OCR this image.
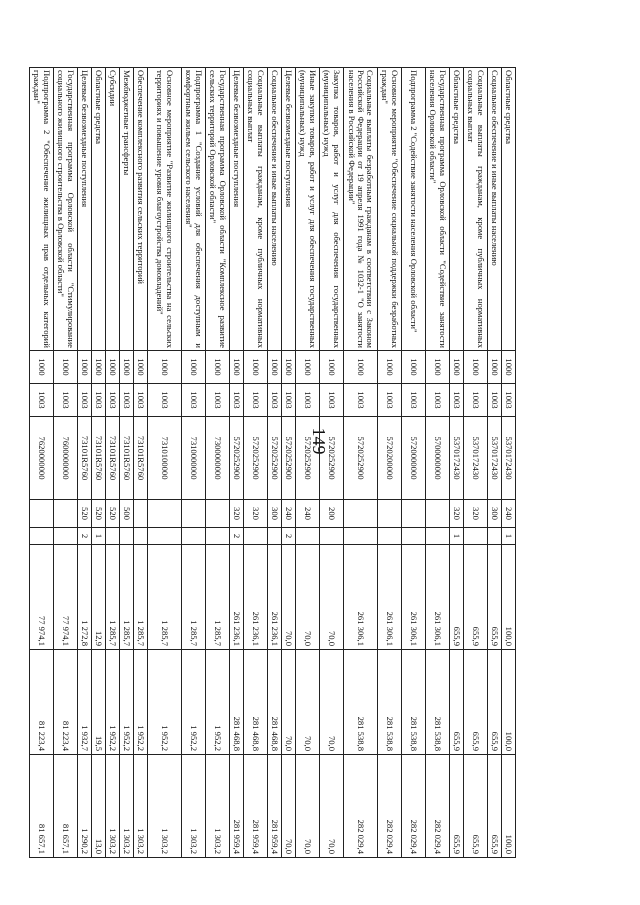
149
Областные средства	1000	1003	5370172430	240	1	100,0	100,0	100,0
Социальное обеспечение и иные выплаты населению	1000	1003	5370172430	300		655,9	655,9	655,9
Социальные выплаты гражданам, кроме публичных нормативных социальных выплат	1000	1003	5370172430	320		655,9	655,9	655,9
Областные средства	1000	1003	5370172430	320	1	655,9	655,9	655,9
Государственная программа Орловской области "Содействие занятости населения Орловской области"	1000	1003	5700000000			261 306,1	281 538,8	282 029,4
Подпрограмма 2 "Содействие занятости населения Орловской области"	1000	1003	5720000000			261 306,1	281 538,8	282 029,4
Основное мероприятие "Обеспечение социальной поддержки безработных граждан"	1000	1003	5720200000			261 306,1	281 538,8	282 029,4
Социальные выплаты безработным гражданам в соответствии с Законом Российской Федерации от 19 апреля 1991 года № 1032-1 "О занятости населения в Российской Федерации"	1000	1003	5720252900			261 306,1	281 538,8	282 029,4
Закупка товаров, работ и услуг для обеспечения государственных (муниципальных) нужд	1000	1003	5720252900	200		70,0	70,0	70,0
Иные закупки товаров, работ и услуг для обеспечения государственных (муниципальных) нужд	1000	1003	5720252900	240		70,0	70,0	70,0
Целевые безвозмездные поступления	1000	1003	5720252900	240	2	70,0	70,0	70,0
Социальное обеспечение и иные выплаты населению	1000	1003	5720252900	300		261 236,1	281 468,8	281 959,4
Социальные выплаты гражданам, кроме публичных нормативных социальных выплат	1000	1003	5720252900	320		261 236,1	281 468,8	281 959,4
Целевые безвозмездные поступления	1000	1003	5720252900	320	2	261 236,1	281 468,8	281 959,4
Государственная программа Орловской области "Комплексное развитие сельских территорий Орловской области"	1000	1003	7300000000			1 285,7	1 952,2	1 303,2
Подпрограмма 1 "Создание условий для обеспечения доступным и комфортным жильем сельского населения"	1000	1003	7310000000			1 285,7	1 952,2	1 303,2
Основное мероприятие "Развитие жилищного строительства на сельских территориях и повышение уровня благоустройства домовладений"	1000	1003	7310100000			1 285,7	1 952,2	1 303,2
Обеспечение комплексного развития сельских территорий	1000	1003	73101R5760			1 285,7	1 952,2	1 303,2
Межбюджетные трансферты	1000	1003	73101R5760	500		1 285,7	1 952,2	1 303,2
Субсидии	1000	1003	73101R5760	520		1 285,7	1 952,2	1 303,2
Областные средства	1000	1003	73101R5760	520	1	12,9	19,5	13,0
Целевые безвозмездные поступления	1000	1003	73101R5760	520	2	1 272,8	1 932,7	1 290,2
Государственная программа Орловской области "Стимулирование социального жилищного строительства в Орловской области"	1000	1003	7600000000			77 974,1	81 223,4	81 657,1
Подпрограмма 2 "Обеспечение жилищных прав отдельных категорий граждан"	1000	1003	7620000000			77 974,1	81 223,4	81 657,1
